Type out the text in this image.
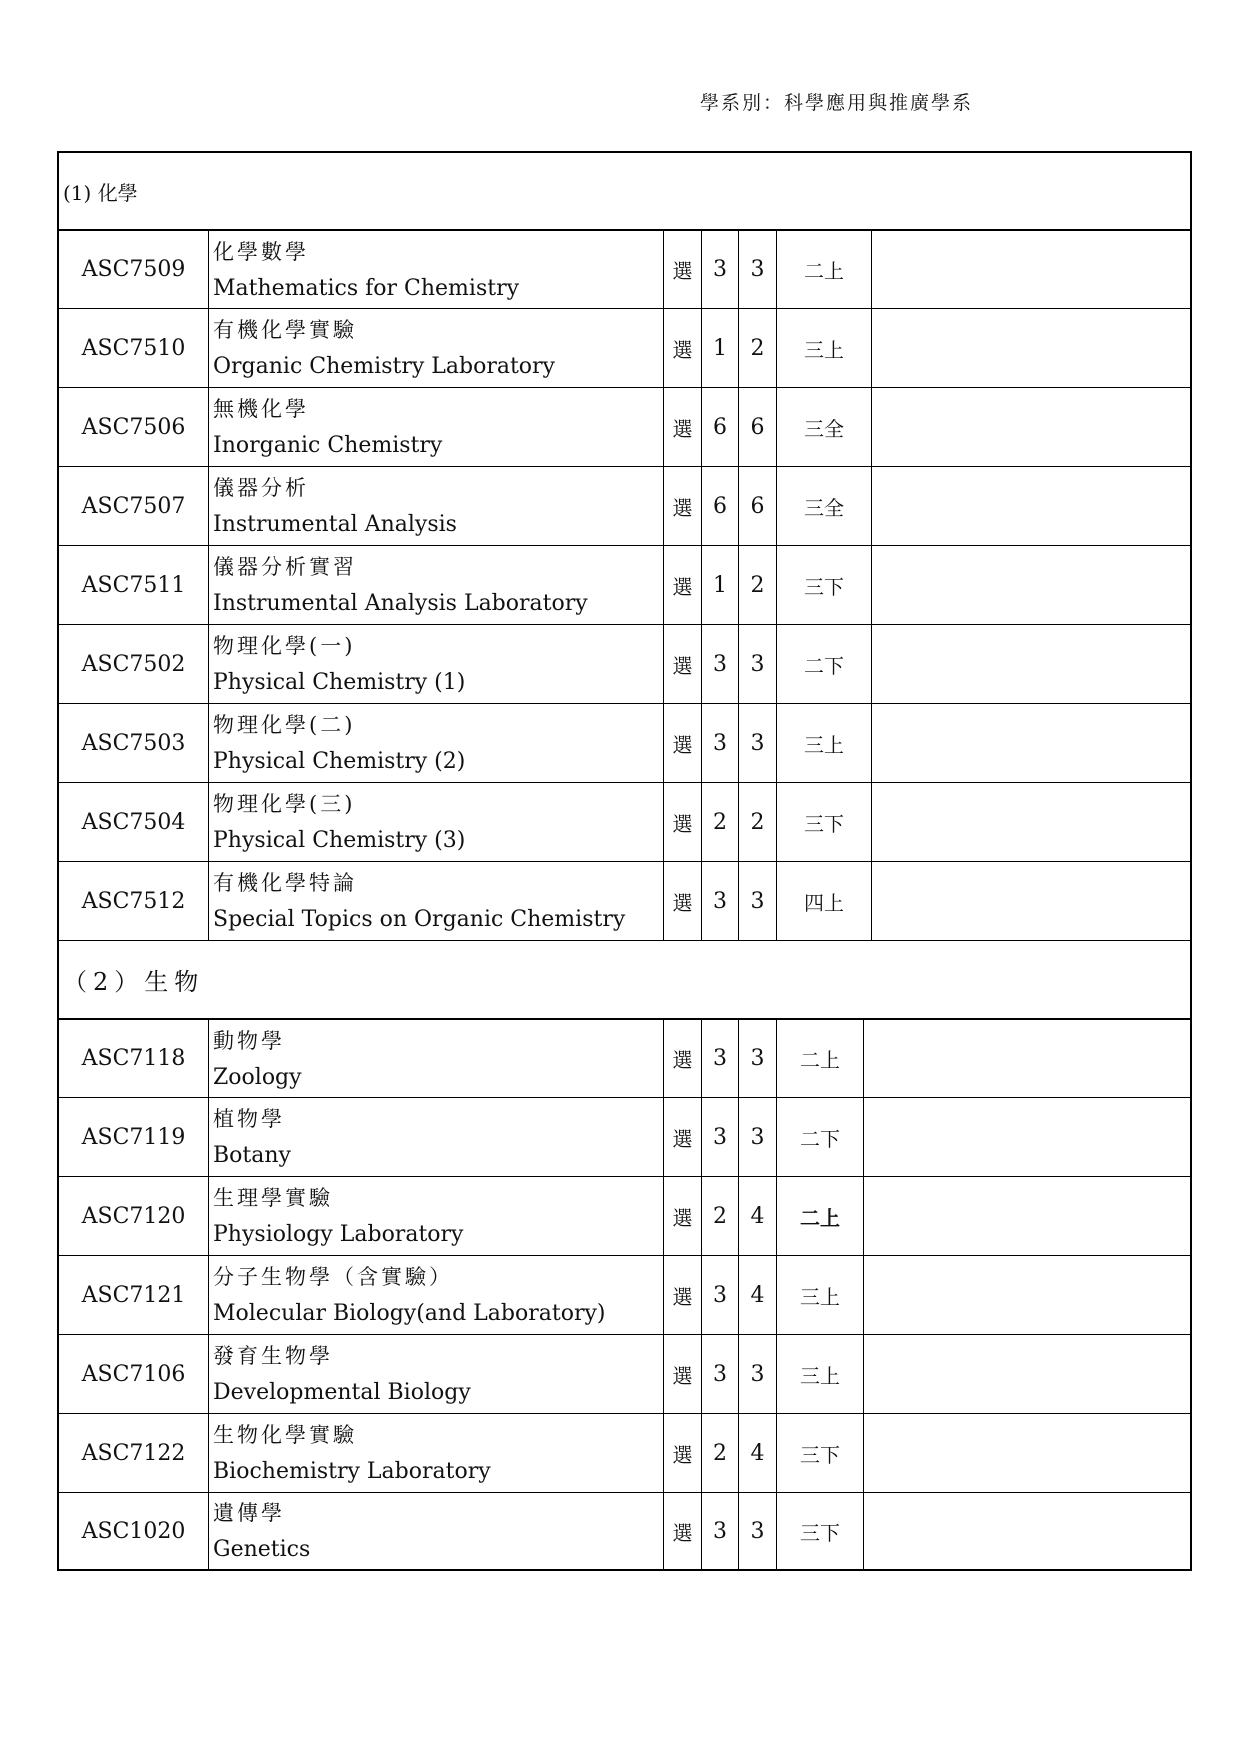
學系別：科學應用與推廣學系
(1) 化學
ASC7509
化學數學
Mathematics for Chemistry
選 3	3	二上
ASC7510
有機化學實驗
Organic Chemistry Laboratory
選 1	2	三上
ASC7506
無機化學
Inorganic Chemistry
選 6	6	三全
ASC7507
儀器分析
Instrumental Analysis
選 6	6	三全
ASC7511
儀器分析實習
Instrumental Analysis Laboratory
選 1	2	三下
ASC7502
物理化學(一)
Physical Chemistry (1)
選 3	3	二下
ASC7503
物理化學(二)
Physical Chemistry (2)
選 3	3	三上
ASC7504
物理化學(三)
Physical Chemistry (3)
選 2	2	三下
ASC7512
有機化學特論
Special Topics on Organic Chemistry
選 3	3	四上
（2）生物
ASC7118
動物學
Zoology
選 3	3	二上
ASC7119
植物學
Botany
選 3	3	二下
ASC7120
生理學實驗
Physiology Laboratory
選 2	4	二上
ASC7121
分子生物學（含實驗）
Molecular Biology(and Laboratory)
選 3	4	三上
ASC7106
發育生物學
Developmental Biology
選 3	3	三上
ASC7122
生物化學實驗
Biochemistry Laboratory
選 2	4	三下
ASC1020
遺傳學
Genetics
選 3	3	三下
